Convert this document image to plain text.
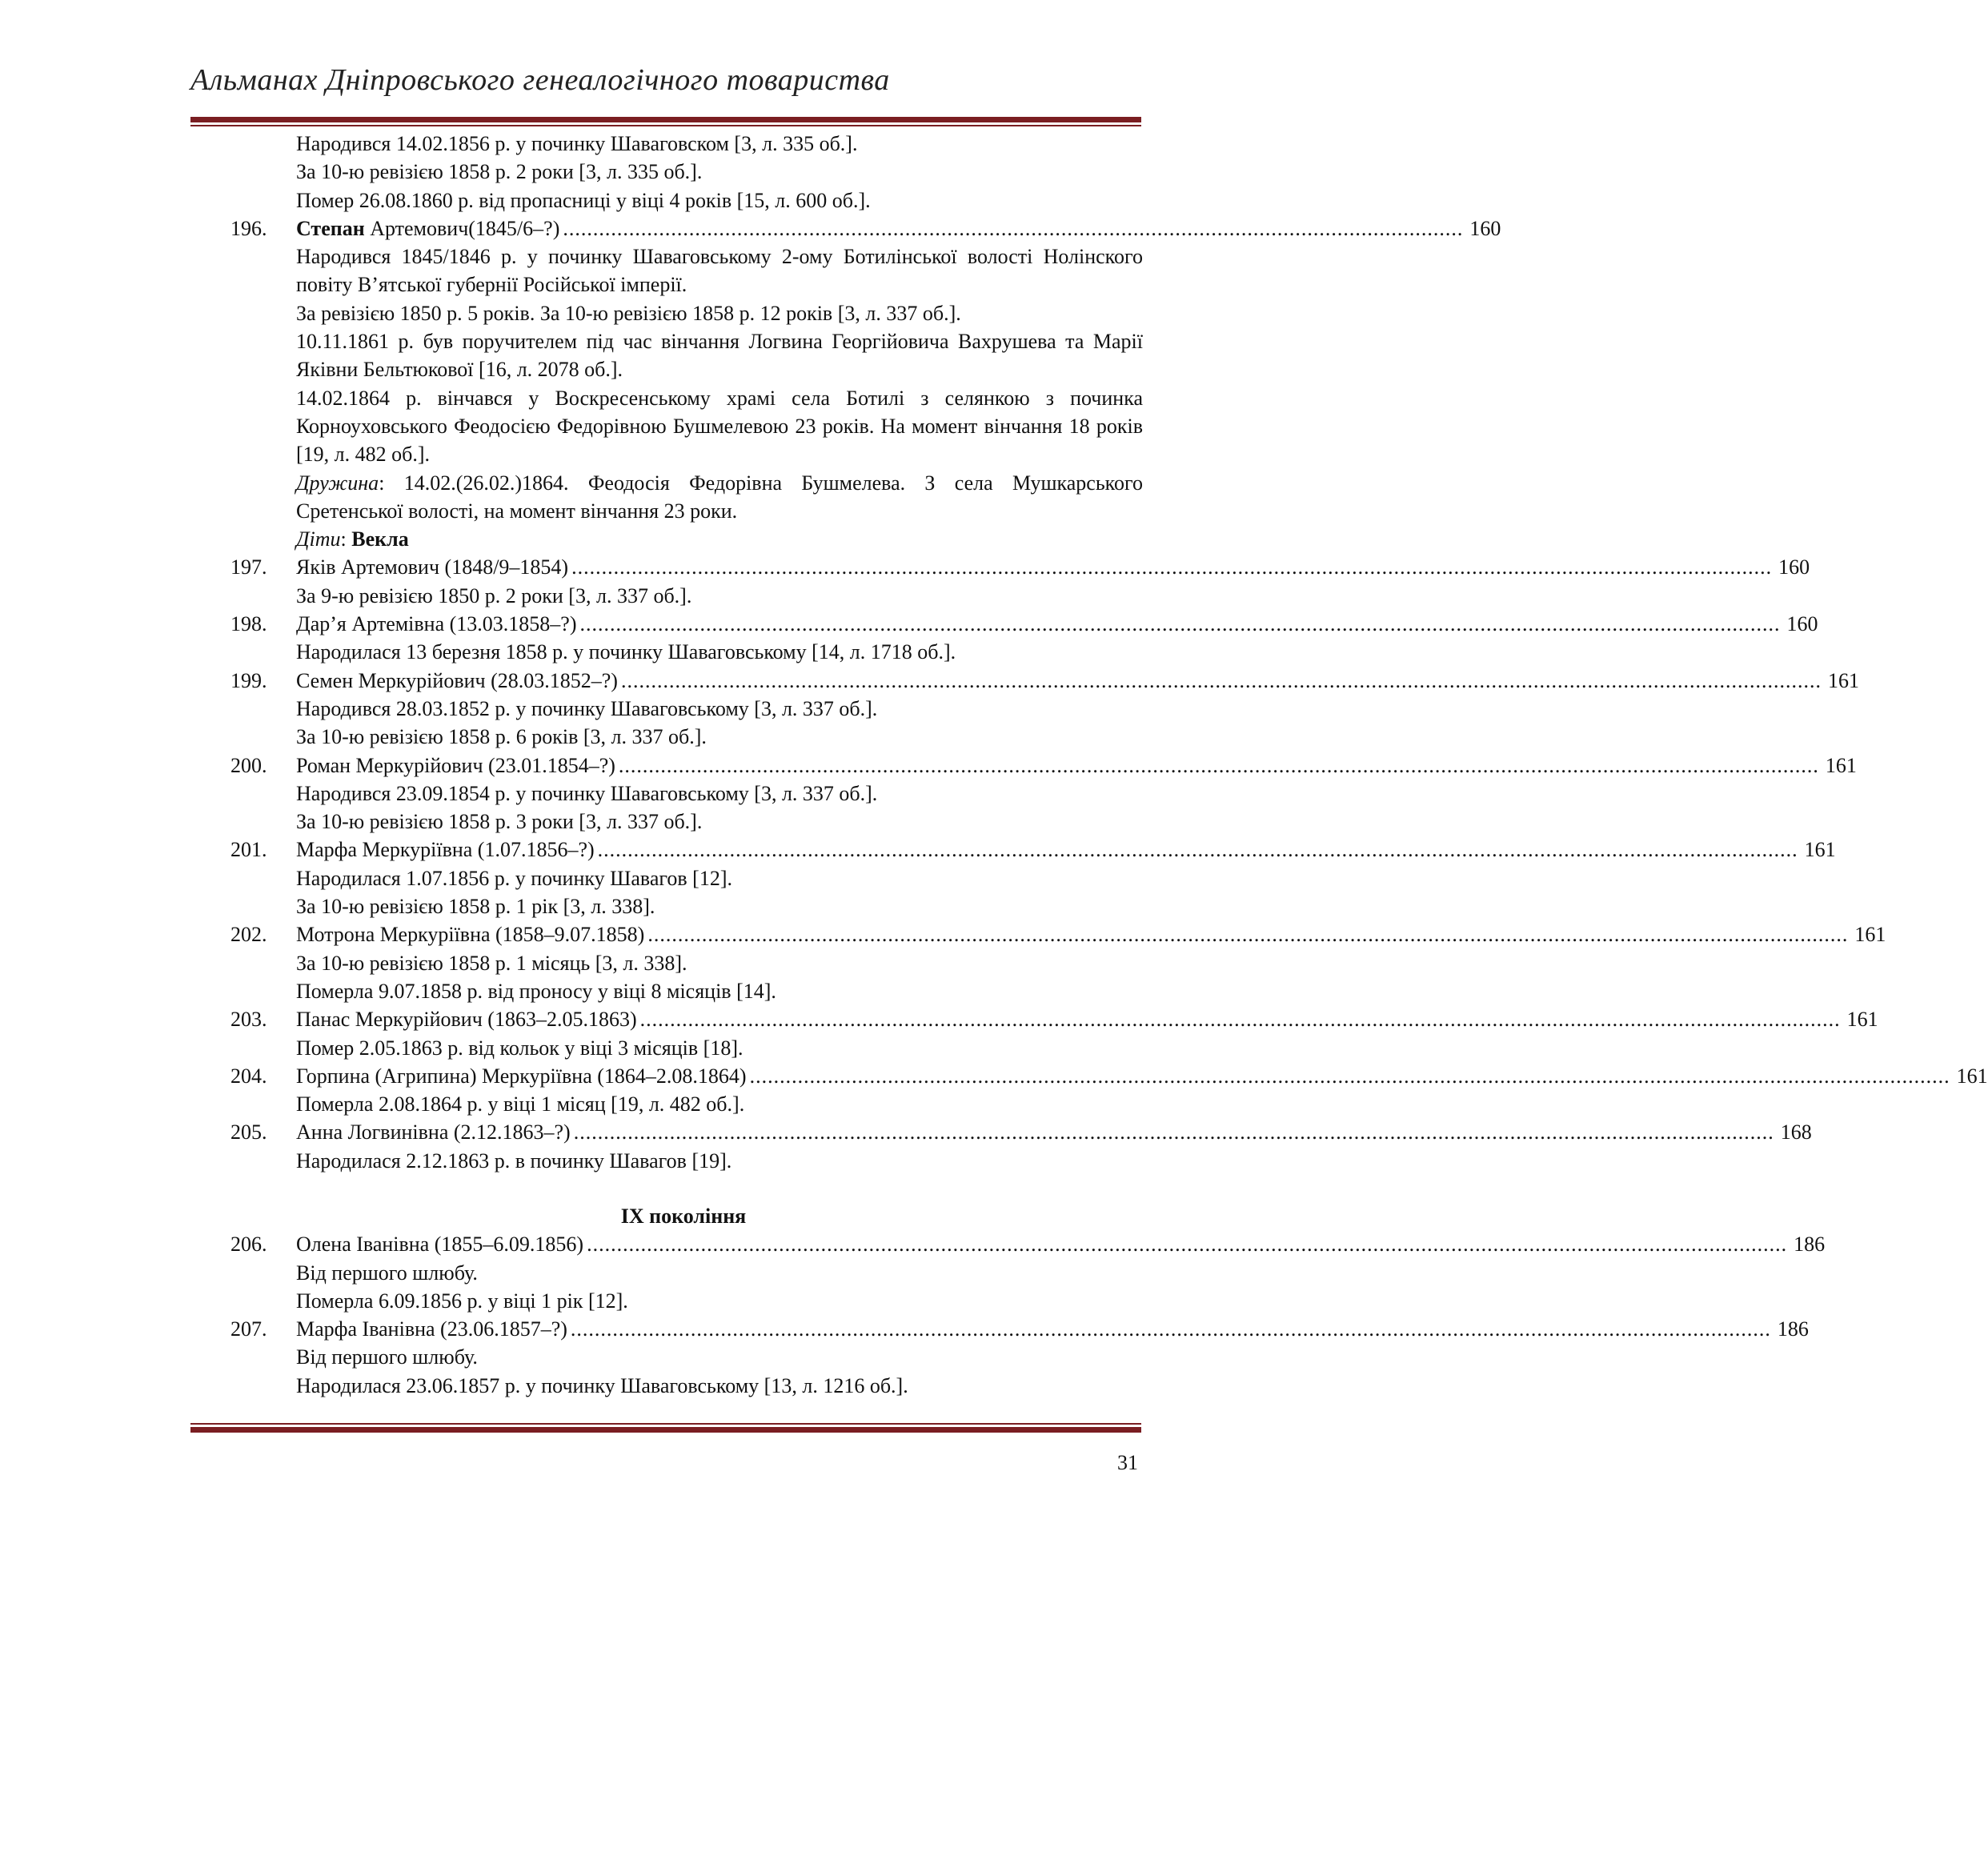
Альманах Дніпровського генеалогічного товариства
Народився 14.02.1856 р. у починку Шаваговском [3, л. 335 об.].
За 10-ю ревізією 1858 р. 2 роки [3, л. 335 об.].
Помер 26.08.1860 р. від пропасниці у віці 4 років [15, л. 600 об.].
196.	Степан Артемович(1845/6–?) ...................................................................................................................................................... 160
Народився 1845/1846 р. у починку Шаваговському 2-ому Ботилінської волості Нолінского повіту В’ятської губернії Російської імперії.
За ревізією 1850 р. 5 років. За 10-ю ревізією 1858 р. 12 років [3, л. 337 об.].
10.11.1861 р. був поручителем під час вінчання Логвина Георгійовича Вахрушева та Марії Яківни Бельтюкової [16, л. 2078 об.].
14.02.1864 р. вінчався у Воскресенському храмі села Ботилі з селянкою з починка Корноуховського Феодосією Федорівною Бушмелевою 23 років. На момент вінчання 18 років [19, л. 482 об.].
Дружина: 14.02.(26.02.)1864. Феодосія Федорівна Бушмелева. З села Мушкарського Сретенської волості, на момент вінчання 23 роки.
Діти: Векла
197.	Яків Артемович (1848/9–1854) ........................................................................................................................................................................................................ 160
За 9-ю ревізією 1850 р. 2 роки [3, л. 337 об.].
198.	Дар’я Артемівна (13.03.1858–?) ........................................................................................................................................................................................................ 160
Народилася 13 березня 1858 р. у починку Шаваговському [14, л. 1718 об.].
199.	Семен Меркурійович (28.03.1852–?) ........................................................................................................................................................................................................ 161
Народився 28.03.1852 р. у починку Шаваговському [3, л. 337 об.].
За 10-ю ревізією 1858 р. 6 років [3, л. 337 об.].
200.	Роман Меркурійович (23.01.1854–?) ........................................................................................................................................................................................................ 161
Народився 23.09.1854 р. у починку Шаваговському [3, л. 337 об.].
За 10-ю ревізією 1858 р. 3 роки [3, л. 337 об.].
201.	Марфа Меркуріївна (1.07.1856–?) ........................................................................................................................................................................................................ 161
Народилася 1.07.1856 р. у починку Шавагов [12].
За 10-ю ревізією 1858 р. 1 рік [3, л. 338].
202.	Мотрона Меркуріївна (1858–9.07.1858) ........................................................................................................................................................................................................ 161
За 10-ю ревізією 1858 р. 1 місяць [3, л. 338].
Померла 9.07.1858 р. від проносу у віці 8 місяців [14].
203.	Панас Меркурійович (1863–2.05.1863) ........................................................................................................................................................................................................ 161
Помер 2.05.1863 р. від кольок у віці 3 місяців [18].
204.	Горпина (Агрипина) Меркуріївна (1864–2.08.1864) ........................................................................................................................................................................................................ 161
Померла 2.08.1864 р. у віці 1 місяц [19, л. 482 об.].
205.	Анна Логвинівна (2.12.1863–?) ........................................................................................................................................................................................................ 168
Народилася 2.12.1863 р. в починку Шавагов [19].
IX покоління
206.	Олена Іванівна (1855–6.09.1856) ........................................................................................................................................................................................................ 186
Від першого шлюбу.
Померла 6.09.1856 р. у віці 1 рік [12].
207.	Марфа Іванівна (23.06.1857–?) ........................................................................................................................................................................................................ 186
Від першого шлюбу.
Народилася 23.06.1857 р. у починку Шаваговському [13, л. 1216 об.].
31
